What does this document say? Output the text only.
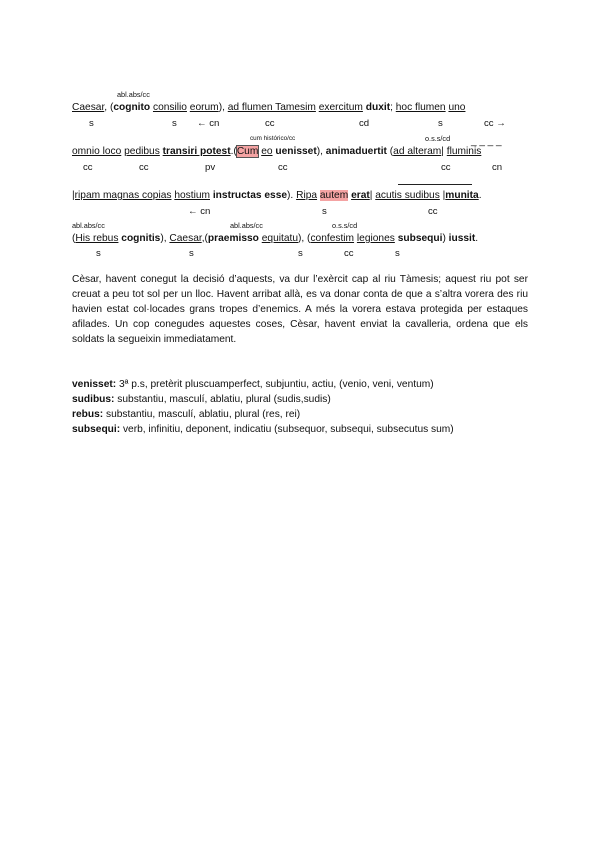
abl.abs/cc
Caesar, (cognito consilio eorum), ad flumen Tamesim exercitum duxit; hoc flumen uno
s	s ← cn	cc	cd	s	cc →
cum histórico/cc	o.s.s/cd _ _ _ _
omnio loco pedibus transiri potest.(Cum eo uenisset), animaduertit (ad alteram| fluminis
cc	cc	pv	cc	cc	cn
|ripam magnas copias hostium instructas esse). Ripa autem erat| acutis sudibus |munita.
← cn	s	cc
abl.abs/cc	abl.abs/cc	o.s.s/cd
(His rebus cognitis), Caesar,(praemisso equitatu), (confestim legiones subsequi) iussit.
s	s	s	cc	s

Cèsar, havent conegut la decisió d’aquests, va dur l’exèrcit cap al riu Tàmesis; aquest riu pot ser creuat a peu tot sol per un lloc. Havent arribat allà, es va donar conta de que a s’altra vorera des riu havien estat col·locades grans tropes d’enemics. A més la vorera estava protegida per estaques afilades. Un cop conegudes aquestes coses, Cèsar, havent enviat la cavalleria, ordena que els soldats la segueixin immediatament.

venisset: 3ª p.s, pretèrit pluscuamperfect, subjuntiu, actiu, (venio, veni, ventum)
sudibus: substantiu, masculí, ablatiu, plural (sudis,sudis)
rebus: substantiu, masculí, ablatiu, plural (res, rei)
subsequi: verb, infinitiu, deponent, indicatiu (subsequor, subsequi, subsecutus sum)
